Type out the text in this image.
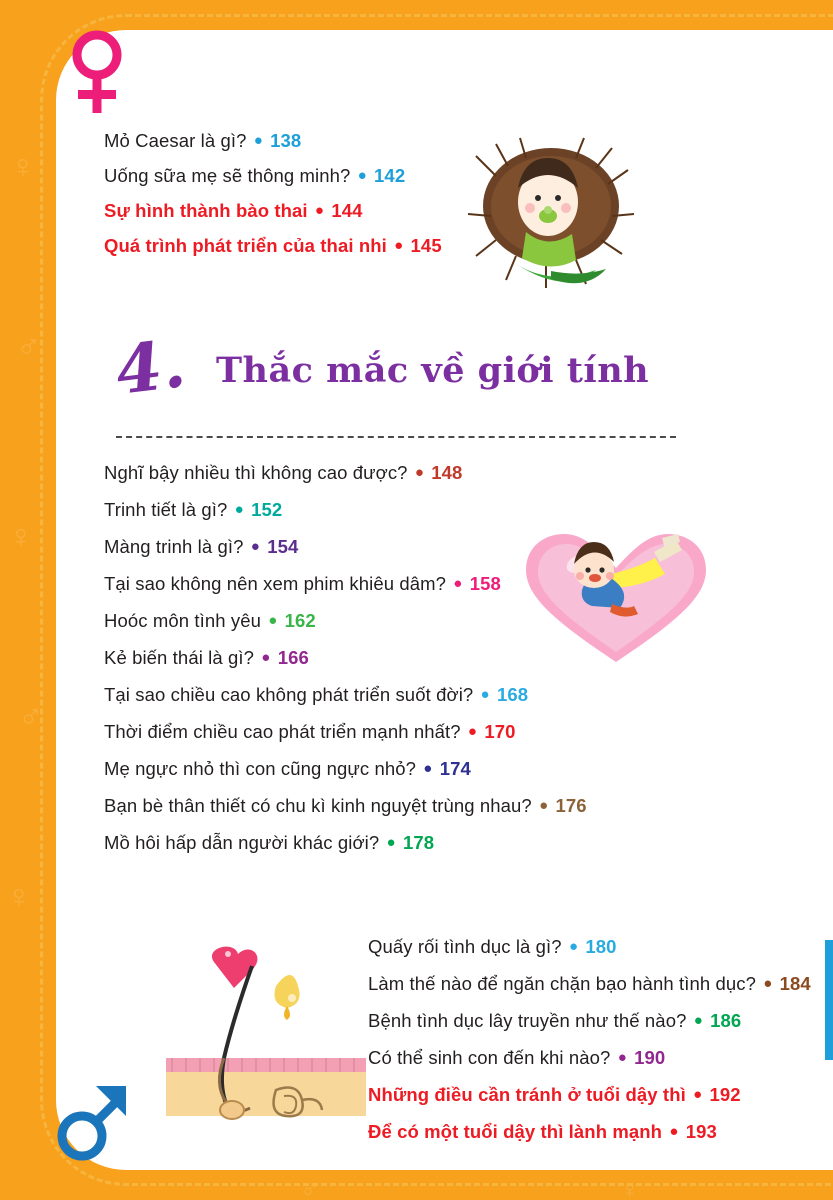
♀
♂
♀
♂
♀
♂	♀
Mỏ Caesar là gì? ● 138
Uống sữa mẹ sẽ thông minh? ● 142
Sự hình thành bào thai ● 144
Quá trình phát triển của thai nhi ● 145
4. Thắc mắc về giới tính
Nghĩ bậy nhiều thì không cao được? ● 148
Trinh tiết là gì? ● 152
Màng trinh là gì? ● 154
Tại sao không nên xem phim khiêu dâm? ● 158
Hoóc môn tình yêu ● 162
Kẻ biến thái là gì? ● 166
Tại sao chiều cao không phát triển suốt đời? ● 168
Thời điểm chiều cao phát triển mạnh nhất? ● 170
Mẹ ngực nhỏ thì con cũng ngực nhỏ? ● 174
Bạn bè thân thiết có chu kì kinh nguyệt trùng nhau? ● 176
Mồ hôi hấp dẫn người khác giới? ● 178
Quấy rối tình dục là gì? ● 180
Làm thế nào để ngăn chặn bạo hành tình dục? ● 184
Bệnh tình dục lây truyền như thế nào? ● 186
Có thể sinh con đến khi nào? ● 190
Những điều cần tránh ở tuổi dậy thì ● 192
Để có một tuổi dậy thì lành mạnh ● 193
